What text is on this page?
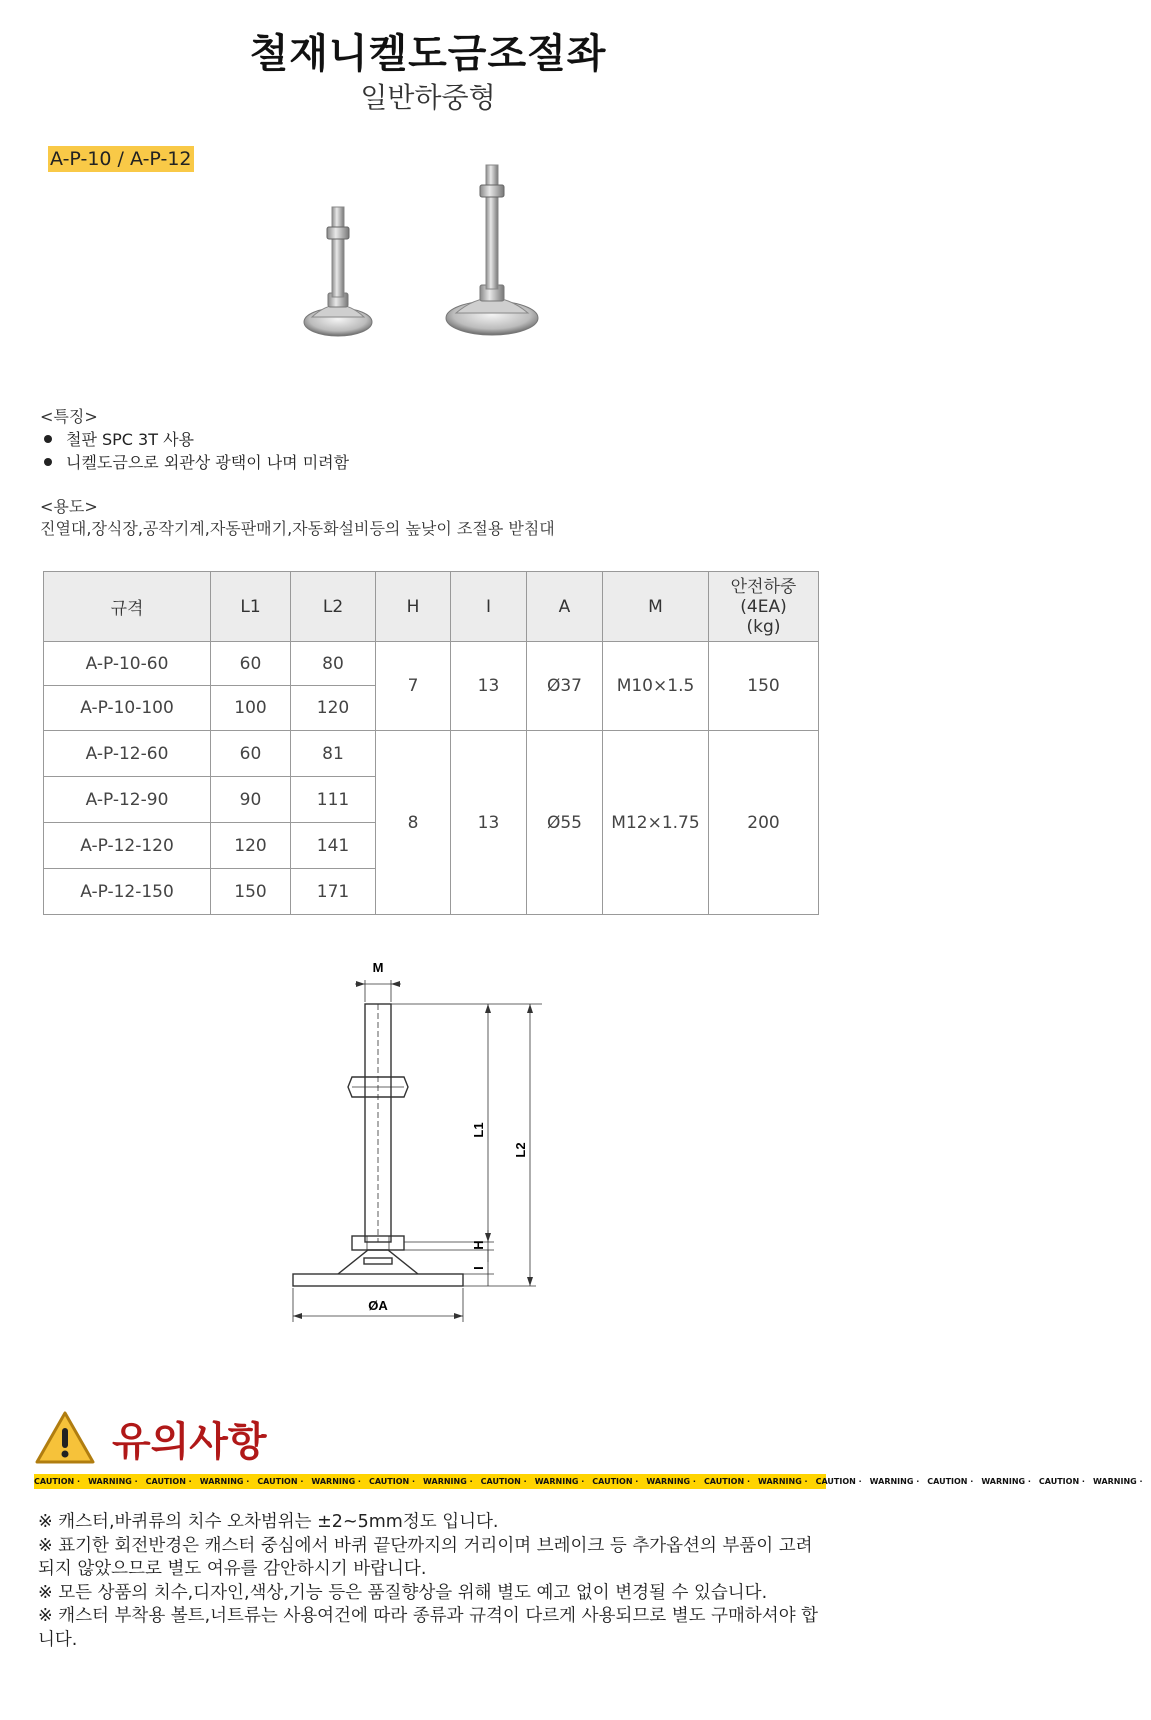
철재니켈도금조절좌
일반하중형
A-P-10 / A-P-12
<특징>
철판 SPC 3T 사용
니켈도금으로 외관상 광택이 나며 미려함
<용도>
진열대,장식장,공작기계,자동판매기,자동화설비등의 높낮이 조절용 받침대
규격	L1	L2	H	I	A	M	안전하중
(4EA)
(kg)
A-P-10-60	60	80	7	13	Ø37	M10×1.5	150
A-P-10-100	100	120					
A-P-12-60	60	81	8	13	Ø55	M12×1.75	200
A-P-12-90	90	111					
A-P-12-120	120	141					
A-P-12-150	150	171					
M
L1
L2
H
I
ØA
유의사항
CAUTION · WARNING · CAUTION · WARNING · CAUTION · WARNING · CAUTION · WARNING · CAUTION · WARNING · CAUTION · WARNING · CAUTION · WARNING · CAUTION · WARNING · CAUTION · WARNING · CAUTION · WARNING ·

※ 캐스터,바퀴류의 치수 오차범위는 ±2~5mm정도 입니다.

※ 표기한 회전반경은 캐스터 중심에서 바퀴 끝단까지의 거리이며 브레이크 등 추가옵션의 부품이 고려되지 않았으므로 별도 여유를 감안하시기 바랍니다.

※ 모든 상품의 치수,디자인,색상,기능 등은 품질향상을 위해 별도 예고 없이 변경될 수 있습니다.

※ 캐스터 부착용 볼트,너트류는 사용여건에 따라 종류과 규격이 다르게 사용되므로 별도 구매하셔야 합니다.
